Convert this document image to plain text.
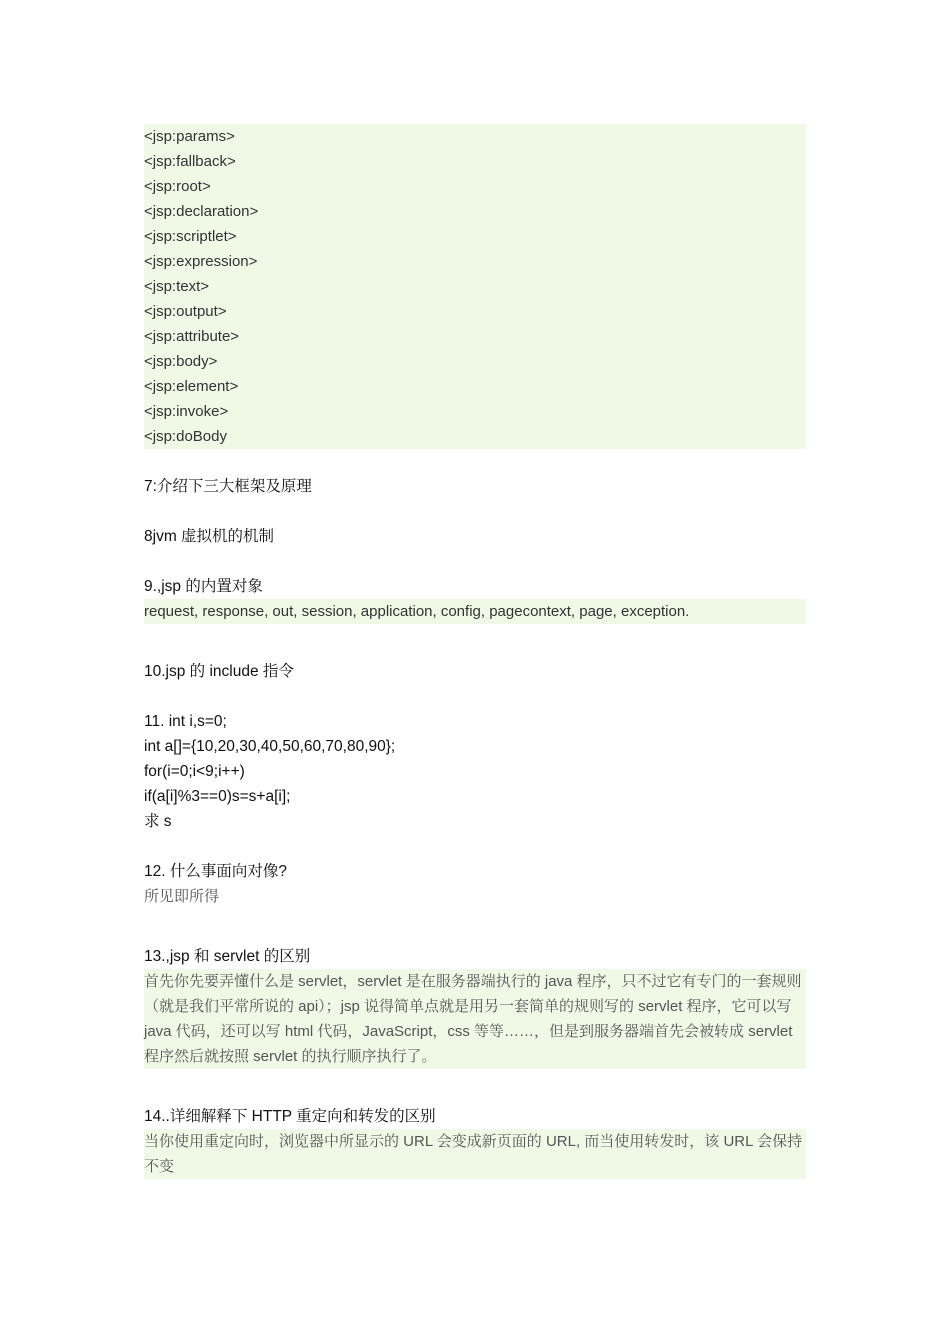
<jsp:params>
<jsp:fallback>
<jsp:root>
<jsp:declaration>
<jsp:scriptlet>
<jsp:expression>
<jsp:text>
<jsp:output>
<jsp:attribute>
<jsp:body>
<jsp:element>
<jsp:invoke>
<jsp:doBody
7:介绍下三大框架及原理
8jvm 虚拟机的机制
9.,jsp 的内置对象
request, response, out, session, application, config, pagecontext, page, exception.
10.jsp 的 include 指令
11. int i,s=0;
int a[]={10,20,30,40,50,60,70,80,90};
for(i=0;i<9;i++)
if(a[i]%3==0)s=s+a[i];
求 s
12. 什么事面向对像?
所见即所得
13.,jsp 和 servlet 的区别
首先你先要弄懂什么是 servlet，servlet 是在服务器端执行的 java 程序，只不过它有专门的一套规则（就是我们平常所说的 api）；jsp 说得简单点就是用另一套简单的规则写的 servlet 程序，它可以写 java 代码，还可以写 html 代码，JavaScript，css 等等……，但是到服务器端首先会被转成 servlet 程序然后就按照 servlet 的执行顺序执行了。
14..详细解释下 HTTP 重定向和转发的区别
当你使用重定向时，浏览器中所显示的 URL 会变成新页面的 URL, 而当使用转发时，该 URL 会保持不变
